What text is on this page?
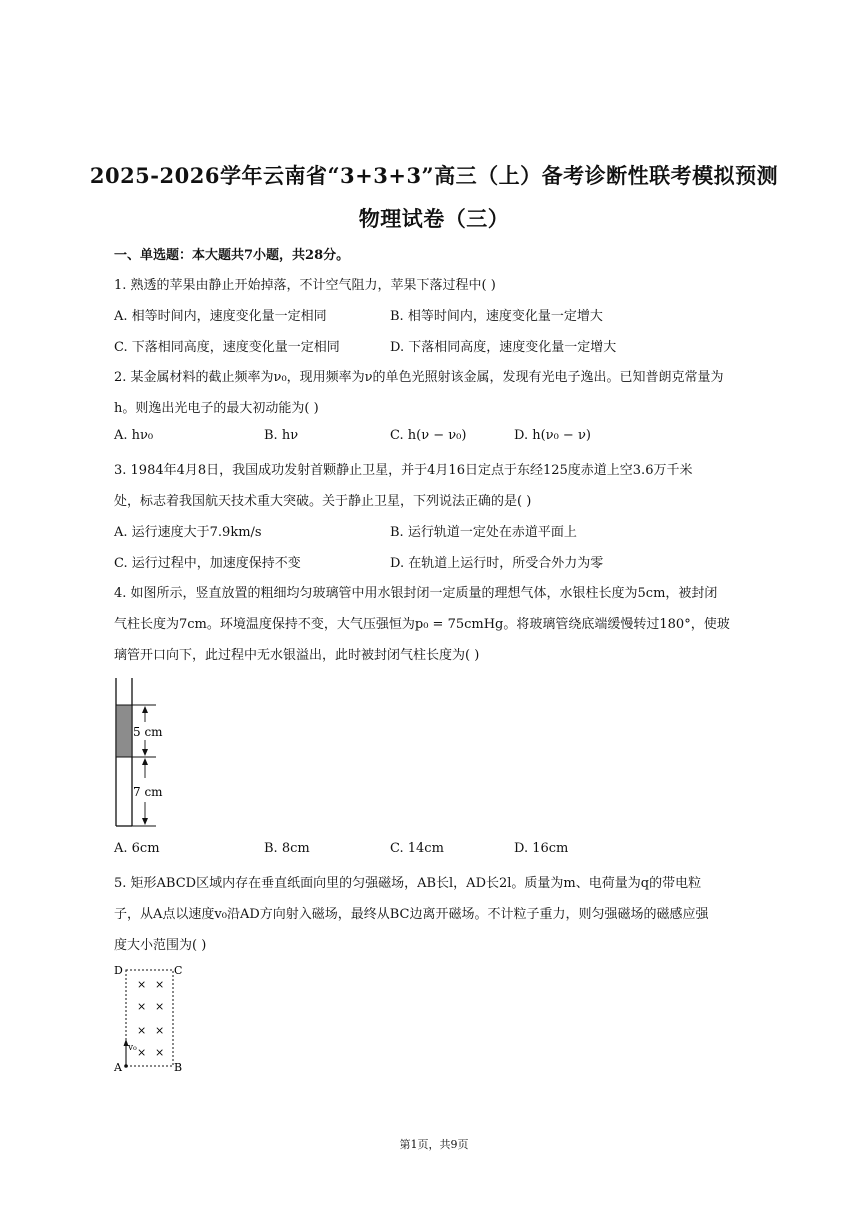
2025-2026学年云南省“3+3+3”高三（上）备考诊断性联考模拟预测
物理试卷（三）
一、单选题：本大题共7小题，共28分。
1. 熟透的苹果由静止开始掉落，不计空气阻力，苹果下落过程中( )
A. 相等时间内，速度变化量一定相同	B. 相等时间内，速度变化量一定增大
C. 下落相同高度，速度变化量一定相同	D. 下落相同高度，速度变化量一定增大
2. 某金属材料的截止频率为ν₀，现用频率为ν的单色光照射该金属，发现有光电子逸出。已知普朗克常量为
h。则逸出光电子的最大初动能为( )
A. hν₀	B. hν	C. h(ν − ν₀)	D. h(ν₀ − ν)
3. 1984年4月8日，我国成功发射首颗静止卫星，并于4月16日定点于东经125度赤道上空3.6万千米
处，标志着我国航天技术重大突破。关于静止卫星，下列说法正确的是( )
A. 运行速度大于7.9km/s	B. 运行轨道一定处在赤道平面上
C. 运行过程中，加速度保持不变	D. 在轨道上运行时，所受合外力为零
4. 如图所示，竖直放置的粗细均匀玻璃管中用水银封闭一定质量的理想气体，水银柱长度为5cm，被封闭
气柱长度为7cm。环境温度保持不变，大气压强恒为p₀ = 75cmHg。将玻璃管绕底端缓慢转过180°，使玻
璃管开口向下，此过程中无水银溢出，此时被封闭气柱长度为( )
5 cm
7 cm
A. 6cm	B. 8cm	C. 14cm	D. 16cm
5. 矩形ABCD区域内存在垂直纸面向里的匀强磁场，AB长l，AD长2l。质量为m、电荷量为q的带电粒
子，从A点以速度v₀沿AD方向射入磁场，最终从BC边离开磁场。不计粒子重力，则匀强磁场的磁感应强
度大小范围为( )
D	C
A	B
× ×
× ×
× ×
× ×
v₀
第1页，共9页
